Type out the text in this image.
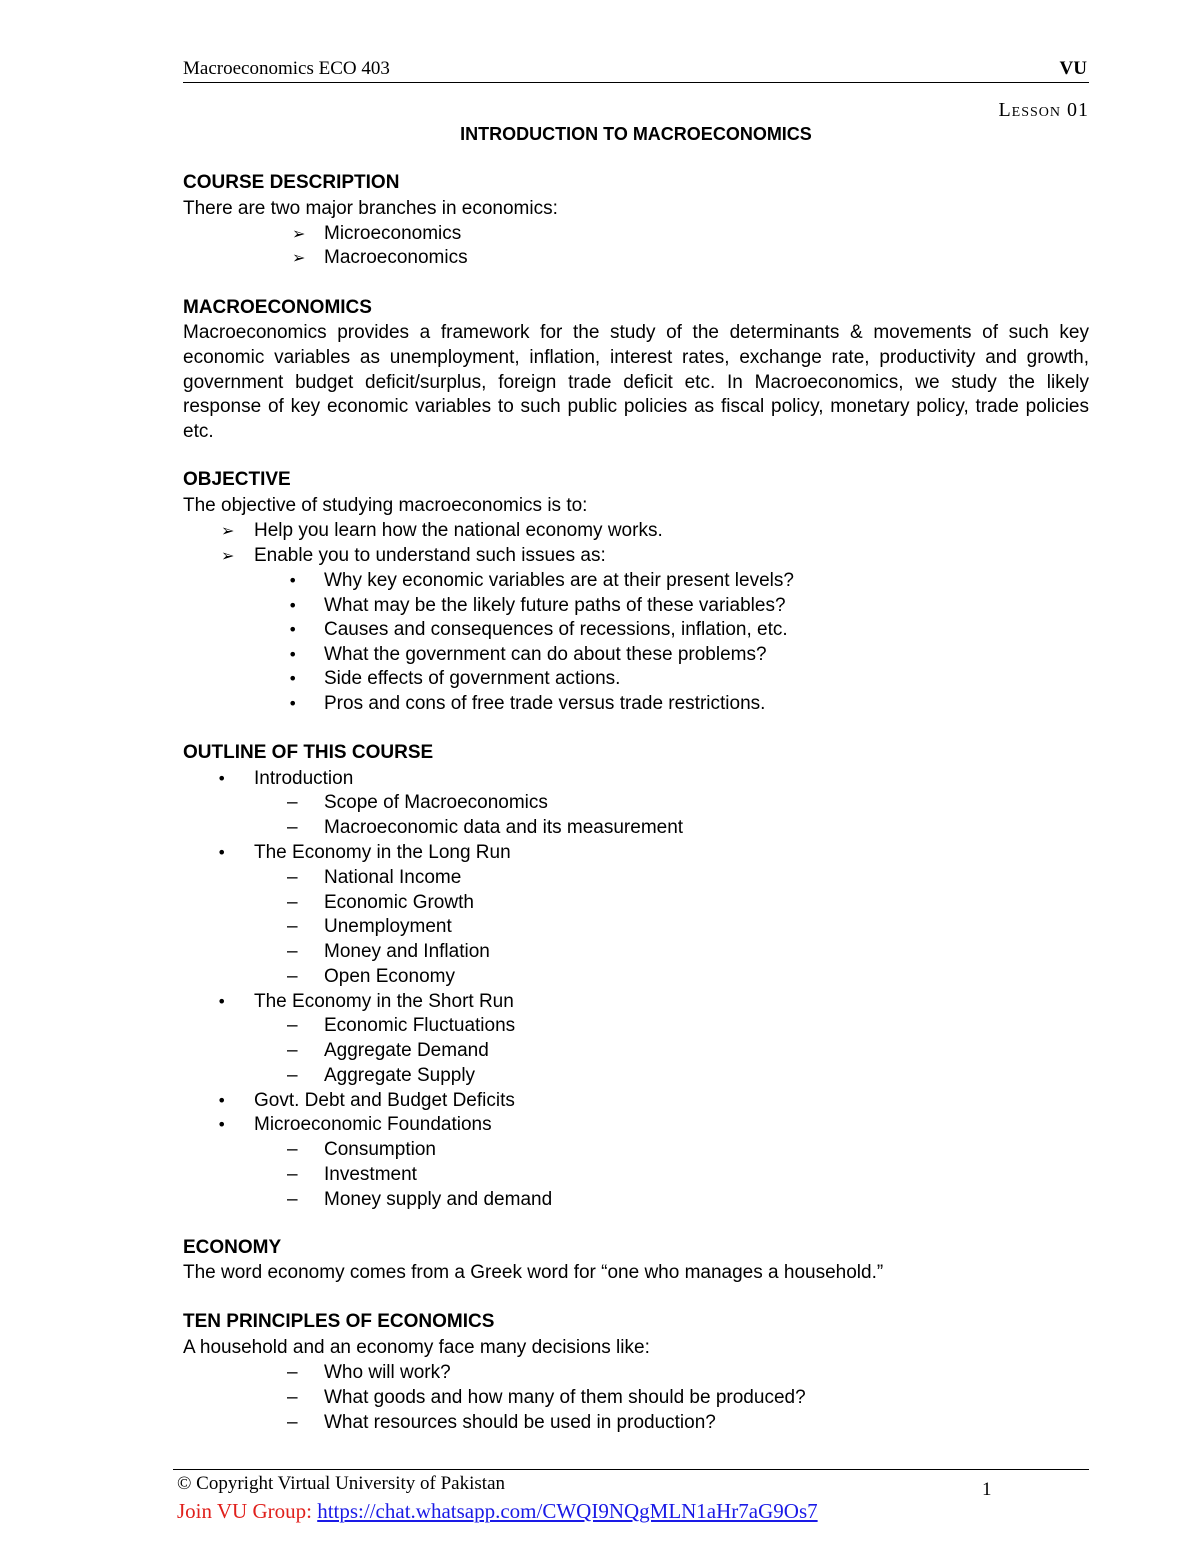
Macroeconomics ECO 403	VU
Lesson 01
INTRODUCTION TO MACROECONOMICS
COURSE DESCRIPTION
There are two major branches in economics:
➢ Microeconomics
➢ Macroeconomics
MACROECONOMICS
Macroeconomics provides a framework for the study of the determinants & movements of such key economic variables as unemployment, inflation, interest rates, exchange rate, productivity and growth, government budget deficit/surplus, foreign trade deficit etc. In Macroeconomics, we study the likely response of key economic variables to such public policies as fiscal policy, monetary policy, trade policies etc.
OBJECTIVE
The objective of studying macroeconomics is to:
➢ Help you learn how the national economy works.
➢ Enable you to understand such issues as:
• Why key economic variables are at their present levels?
• What may be the likely future paths of these variables?
• Causes and consequences of recessions, inflation, etc.
• What the government can do about these problems?
• Side effects of government actions.
• Pros and cons of free trade versus trade restrictions.
OUTLINE OF THIS COURSE
• Introduction
– Scope of Macroeconomics
– Macroeconomic data and its measurement
• The Economy in the Long Run
– National Income
– Economic Growth
– Unemployment
– Money and Inflation
– Open Economy
• The Economy in the Short Run
– Economic Fluctuations
– Aggregate Demand
– Aggregate Supply
• Govt. Debt and Budget Deficits
• Microeconomic Foundations
– Consumption
– Investment
– Money supply and demand
ECONOMY
The word economy comes from a Greek word for “one who manages a household.”
TEN PRINCIPLES OF ECONOMICS
A household and an economy face many decisions like:
– Who will work?
– What goods and how many of them should be produced?
– What resources should be used in production?
© Copyright Virtual University of Pakistan	1
Join VU Group: https://chat.whatsapp.com/CWQI9NQgMLN1aHr7aG9Os7
